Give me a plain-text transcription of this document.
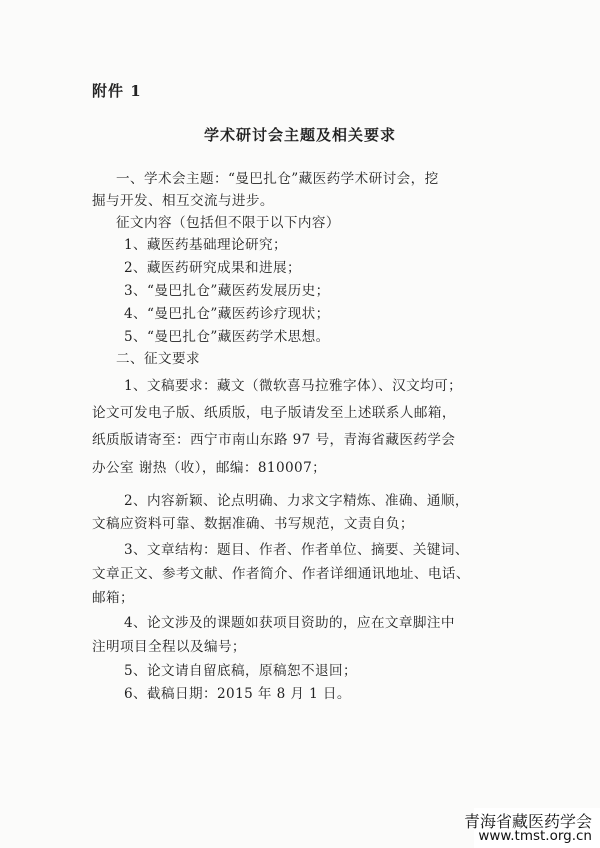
附件 1
学术研讨会主题及相关要求
一、学术会主题：“曼巴扎仓”藏医药学术研讨会，挖
掘与开发、相互交流与进步。
征文内容（包括但不限于以下内容）
1、藏医药基础理论研究；
2、藏医药研究成果和进展；
3、“曼巴扎仓”藏医药发展历史；
4、“曼巴扎仓”藏医药诊疗现状；
5、“曼巴扎仓”藏医药学术思想。
二、征文要求
1、文稿要求：藏文（微软喜马拉雅字体）、汉文均可；
论文可发电子版、纸质版，电子版请发至上述联系人邮箱，
纸质版请寄至：西宁市南山东路 97 号，青海省藏医药学会
办公室 谢热（收），邮编：810007；
2、内容新颖、论点明确、力求文字精炼、准确、通顺，
文稿应资料可靠、数据准确、书写规范，文责自负；
3、文章结构：题目、作者、作者单位、摘要、关键词、
文章正文、参考文献、作者简介、作者详细通讯地址、电话、
邮箱；
4、论文涉及的课题如获项目资助的，应在文章脚注中
注明项目全程以及编号；
5、论文请自留底稿，原稿恕不退回；
6、截稿日期：2015 年 8 月 1 日。
青海省藏医药学会
www.tmst.org.cn
